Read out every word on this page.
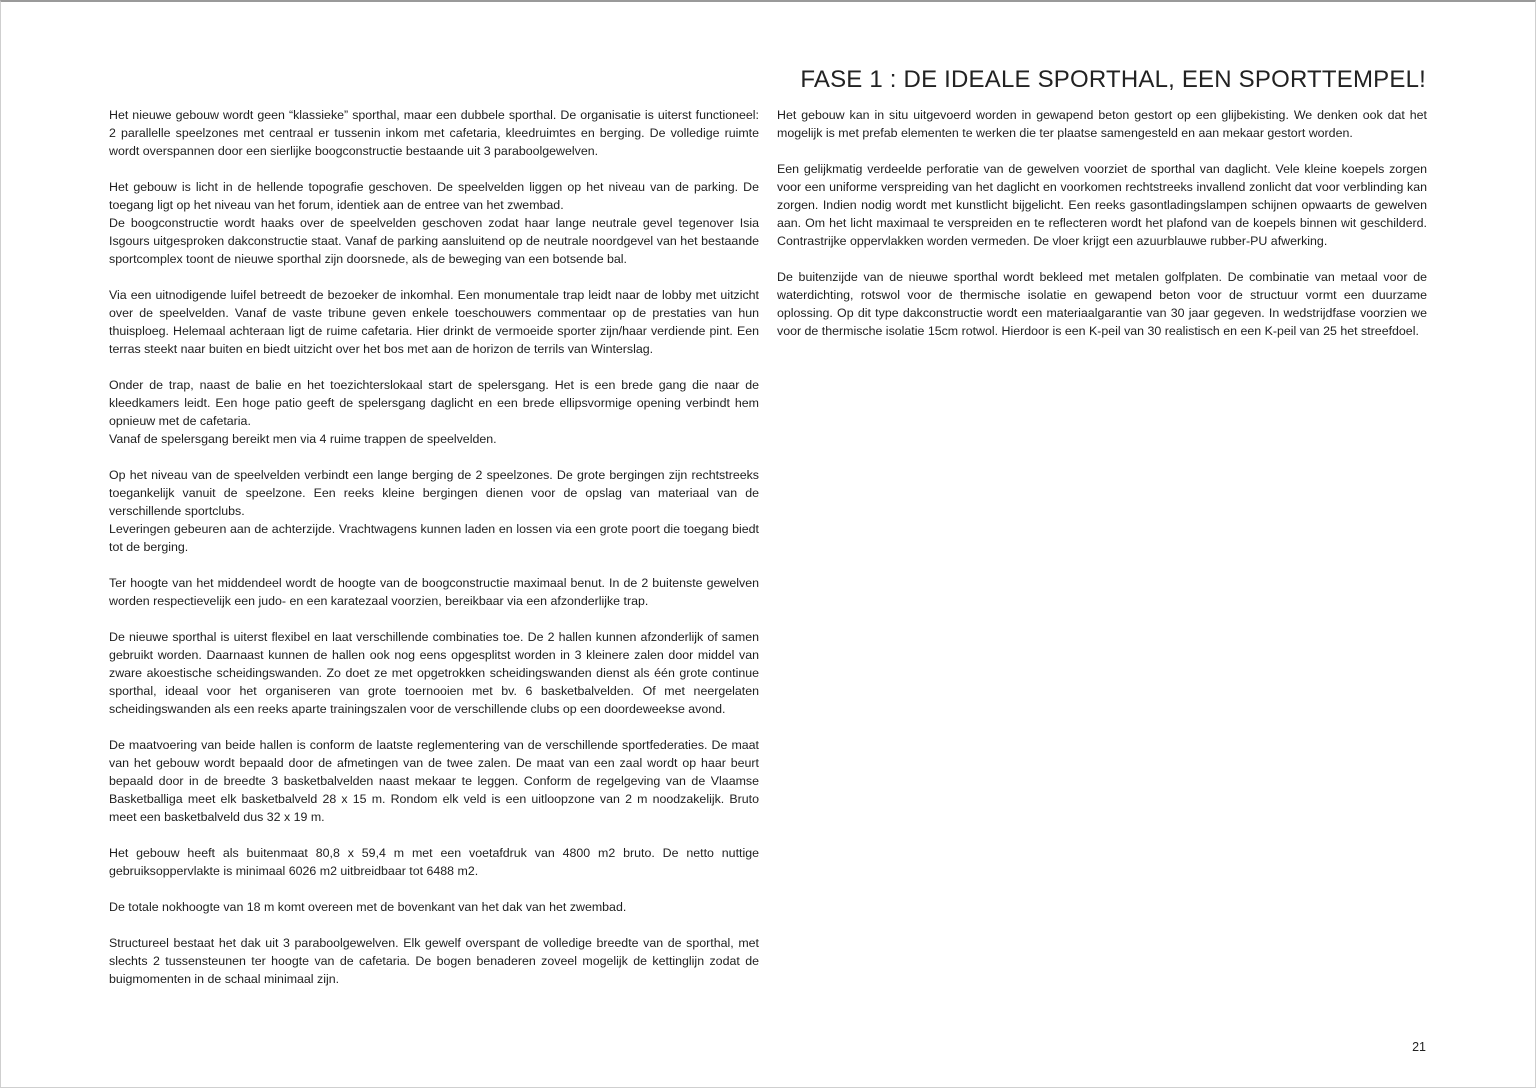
FASE 1 : DE IDEALE SPORTHAL, EEN SPORTTEMPEL!

Het nieuwe gebouw wordt geen “klassieke” sporthal, maar een dubbele sporthal. De organisatie is uiterst functioneel: 2 parallelle speelzones met centraal er tussenin inkom met cafetaria, kleedruimtes en berging. De volledige ruimte wordt overspannen door een sierlijke boogconstructie bestaande uit 3 paraboolgewelven.

Het gebouw is licht in de hellende topografie geschoven. De speelvelden liggen op het niveau van de parking. De toegang ligt op het niveau van het forum, identiek aan de entree van het zwembad.
De boogconstructie wordt haaks over de speelvelden geschoven zodat haar lange neutrale gevel tegenover Isia Isgours uitgesproken dakconstructie staat. Vanaf de parking aansluitend op de neutrale noordgevel van het bestaande sportcomplex toont de nieuwe sporthal zijn doorsnede, als de beweging van een botsende bal.

Via een uitnodigende luifel betreedt de bezoeker de inkomhal. Een monumentale trap leidt naar de lobby met uitzicht over de speelvelden. Vanaf de vaste tribune geven enkele toeschouwers commentaar op de prestaties van hun thuisploeg. Helemaal achteraan ligt de ruime cafetaria. Hier drinkt de vermoeide sporter zijn/haar verdiende pint. Een terras steekt naar buiten en biedt uitzicht over het bos met aan de horizon de terrils van Winterslag.

Onder de trap, naast de balie en het toezichterslokaal start de spelersgang. Het is een brede gang die naar de kleedkamers leidt. Een hoge patio geeft de spelersgang daglicht en een brede ellipsvormige opening verbindt hem opnieuw met de cafetaria.
Vanaf de spelersgang bereikt men via 4 ruime trappen de speelvelden.

Op het niveau van de speelvelden verbindt een lange berging de 2 speelzones. De grote bergingen zijn rechtstreeks toegankelijk vanuit de speelzone. Een reeks kleine bergingen dienen voor de opslag van materiaal van de verschillende sportclubs.
Leveringen gebeuren aan de achterzijde. Vrachtwagens kunnen laden en lossen via een grote poort die toegang biedt tot de berging.

Ter hoogte van het middendeel wordt de hoogte van de boogconstructie maximaal benut. In de 2 buitenste gewelven worden respectievelijk een judo- en een karatezaal voorzien, bereikbaar via een afzonderlijke trap.

De nieuwe sporthal is uiterst flexibel en laat verschillende combinaties toe. De 2 hallen kunnen afzonderlijk of samen gebruikt worden. Daarnaast kunnen de hallen ook nog eens opgesplitst worden in 3 kleinere zalen door middel van zware akoestische scheidingswanden. Zo doet ze met opgetrokken scheidingswanden dienst als één grote continue sporthal, ideaal voor het organiseren van grote toernooien met bv. 6 basketbalvelden. Of met neergelaten scheidingswanden als een reeks aparte trainingszalen voor de verschillende clubs op een doordeweekse avond.

De maatvoering van beide hallen is conform de laatste reglementering van de verschillende sportfederaties. De maat van het gebouw wordt bepaald door de afmetingen van de twee zalen. De maat van een zaal wordt op haar beurt bepaald door in de breedte 3 basketbalvelden naast mekaar te leggen. Conform de regelgeving van de Vlaamse Basketballiga meet elk basketbalveld 28 x 15 m. Rondom elk veld is een uitloopzone van 2 m noodzakelijk. Bruto meet een basketbalveld dus 32 x 19 m.

Het gebouw heeft als buitenmaat 80,8 x 59,4 m met een voetafdruk van 4800 m2 bruto. De netto nuttige gebruiksoppervlakte is minimaal 6026 m2 uitbreidbaar tot 6488 m2.

De totale nokhoogte van 18 m komt overeen met de bovenkant van het dak van het zwembad.

Structureel bestaat het dak uit 3 paraboolgewelven. Elk gewelf overspant de volledige breedte van de sporthal, met slechts 2 tussensteunen ter hoogte van de cafetaria. De bogen benaderen zoveel mogelijk de kettinglijn zodat de buigmomenten in de schaal minimaal zijn.

Het gebouw kan in situ uitgevoerd worden in gewapend beton gestort op een glijbekisting. We denken ook dat het mogelijk is met prefab elementen te werken die ter plaatse samengesteld en aan mekaar gestort worden.

Een gelijkmatig verdeelde perforatie van de gewelven voorziet de sporthal van daglicht. Vele kleine koepels zorgen voor een uniforme verspreiding van het daglicht en voorkomen rechtstreeks invallend zonlicht dat voor verblinding kan zorgen. Indien nodig wordt met kunstlicht bijgelicht. Een reeks gasontladingslampen schijnen opwaarts de gewelven aan. Om het licht maximaal te verspreiden en te reflecteren wordt het plafond van de koepels binnen wit geschilderd. Contrastrijke oppervlakken worden vermeden. De vloer krijgt een azuurblauwe rubber-PU afwerking.

De buitenzijde van de nieuwe sporthal wordt bekleed met metalen golfplaten. De combinatie van metaal voor de waterdichting, rotswol voor de thermische isolatie en gewapend beton voor de structuur vormt een duurzame oplossing. Op dit type dakconstructie wordt een materiaalgarantie van 30 jaar gegeven. In wedstrijdfase voorzien we voor de thermische isolatie 15cm rotwol. Hierdoor is een K-peil van 30 realistisch en een K-peil van 25 het streefdoel.

21
